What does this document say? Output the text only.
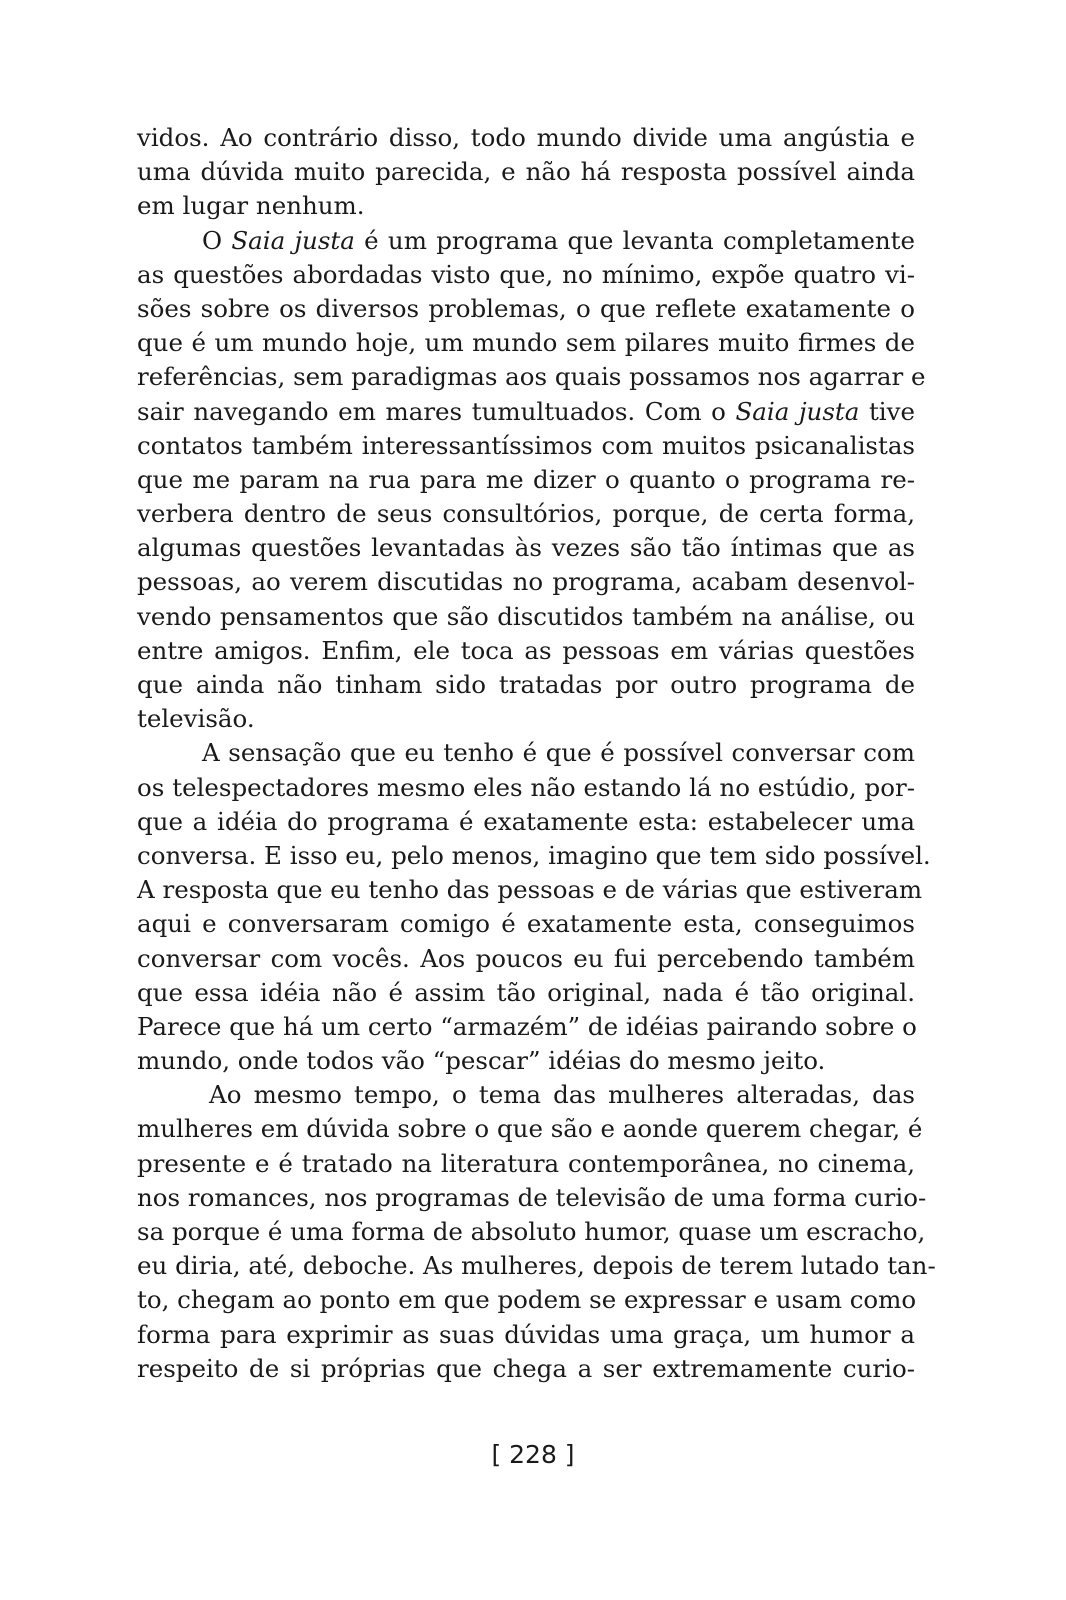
vidos. Ao contrário disso, todo mundo divide uma angústia e
uma dúvida muito parecida, e não há resposta possível ainda
em lugar nenhum.
O Saia justa é um programa que levanta completamente
as questões abordadas visto que, no mínimo, expõe quatro vi-
sões sobre os diversos problemas, o que reflete exatamente o
que é um mundo hoje, um mundo sem pilares muito firmes de
referências, sem paradigmas aos quais possamos nos agarrar e
sair navegando em mares tumultuados. Com o Saia justa tive
contatos também interessantíssimos com muitos psicanalistas
que me param na rua para me dizer o quanto o programa re-
verbera dentro de seus consultórios, porque, de certa forma,
algumas questões levantadas às vezes são tão íntimas que as
pessoas, ao verem discutidas no programa, acabam desenvol-
vendo pensamentos que são discutidos também na análise, ou
entre amigos. Enfim, ele toca as pessoas em várias questões
que ainda não tinham sido tratadas por outro programa de
televisão.
A sensação que eu tenho é que é possível conversar com
os telespectadores mesmo eles não estando lá no estúdio, por-
que a idéia do programa é exatamente esta: estabelecer uma
conversa. E isso eu, pelo menos, imagino que tem sido possível.
A resposta que eu tenho das pessoas e de várias que estiveram
aqui e conversaram comigo é exatamente esta, conseguimos
conversar com vocês. Aos poucos eu fui percebendo também
que essa idéia não é assim tão original, nada é tão original.
Parece que há um certo “armazém” de idéias pairando sobre o
mundo, onde todos vão “pescar” idéias do mesmo jeito.
Ao mesmo tempo, o tema das mulheres alteradas, das
mulheres em dúvida sobre o que são e aonde querem chegar, é
presente e é tratado na literatura contemporânea, no cinema,
nos romances, nos programas de televisão de uma forma curio-
sa porque é uma forma de absoluto humor, quase um escracho,
eu diria, até, deboche. As mulheres, depois de terem lutado tan-
to, chegam ao ponto em que podem se expressar e usam como
forma para exprimir as suas dúvidas uma graça, um humor a
respeito de si próprias que chega a ser extremamente curio-
[ 228 ]
